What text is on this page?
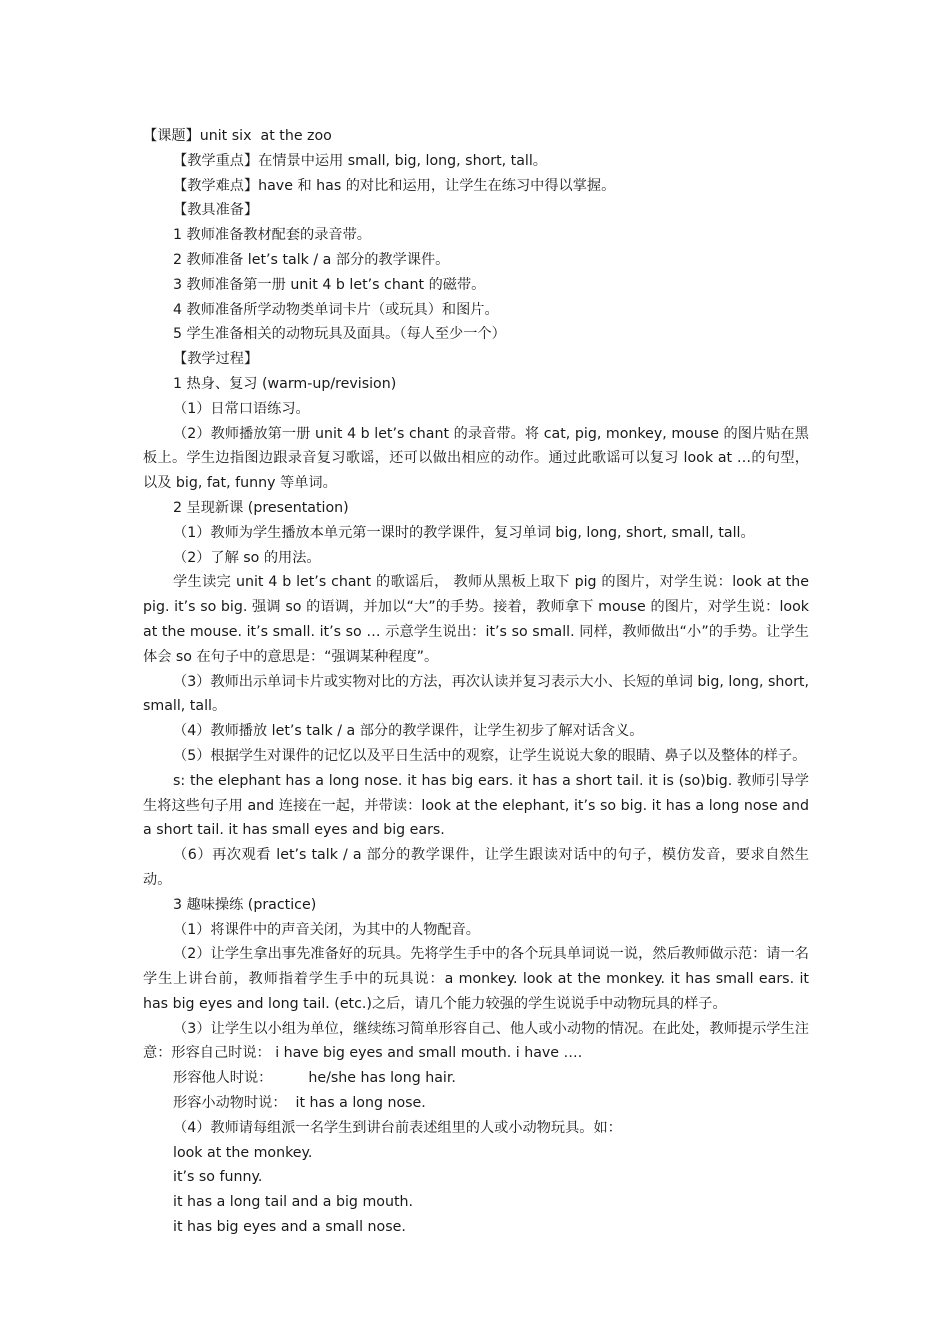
【课题】unit six  at the zoo
【教学重点】在情景中运用 small, big, long, short, tall。
【教学难点】have 和 has 的对比和运用，让学生在练习中得以掌握。
【教具准备】
1 教师准备教材配套的录音带。
2 教师准备 let’s talk / a 部分的教学课件。
3 教师准备第一册 unit 4 b let’s chant 的磁带。
4 教师准备所学动物类单词卡片（或玩具）和图片。
5 学生准备相关的动物玩具及面具。（每人至少一个）
【教学过程】
1 热身、复习 (warm-up/revision)
（1）日常口语练习。
（2）教师播放第一册 unit 4 b let’s chant 的录音带。将 cat, pig, monkey, mouse 的图片贴在黑板上。学生边指图边跟录音复习歌谣，还可以做出相应的动作。通过此歌谣可以复习 look at …的句型，以及 big, fat, funny 等单词。
2 呈现新课 (presentation)
（1）教师为学生播放本单元第一课时的教学课件，复习单词 big, long, short, small, tall。
（2）了解 so 的用法。
学生读完 unit 4 b let’s chant 的歌谣后， 教师从黑板上取下 pig 的图片，对学生说：look at the pig. it’s so big. 强调 so 的语调，并加以“大”的手势。接着，教师拿下 mouse 的图片，对学生说：look at the mouse. it’s small. it’s so … 示意学生说出：it’s so small. 同样，教师做出“小”的手势。让学生体会 so 在句子中的意思是：“强调某种程度”。
（3）教师出示单词卡片或实物对比的方法，再次认读并复习表示大小、长短的单词 big, long, short, small, tall。
（4）教师播放 let’s talk / a 部分的教学课件，让学生初步了解对话含义。
（5）根据学生对课件的记忆以及平日生活中的观察，让学生说说大象的眼睛、鼻子以及整体的样子。
s: the elephant has a long nose. it has big ears. it has a short tail. it is (so)big. 教师引导学生将这些句子用 and 连接在一起，并带读：look at the elephant, it’s so big. it has a long nose and a short tail. it has small eyes and big ears.
（6）再次观看 let’s talk / a 部分的教学课件，让学生跟读对话中的句子，模仿发音，要求自然生动。
3 趣味操练 (practice)
（1）将课件中的声音关闭，为其中的人物配音。
（2）让学生拿出事先准备好的玩具。先将学生手中的各个玩具单词说一说，然后教师做示范：请一名学生上讲台前，教师指着学生手中的玩具说：a monkey. look at the monkey. it has small ears. it has big eyes and long tail. (etc.)之后，请几个能力较强的学生说说手中动物玩具的样子。
（3）让学生以小组为单位，继续练习简单形容自己、他人或小动物的情况。在此处，教师提示学生注意：形容自己时说： i have big eyes and small mouth. i have ….
形容他人时说：        he/she has long hair.
形容小动物时说：  it has a long nose.
（4）教师请每组派一名学生到讲台前表述组里的人或小动物玩具。如：
look at the monkey.
it’s so funny.
it has a long tail and a big mouth.
it has big eyes and a small nose.
